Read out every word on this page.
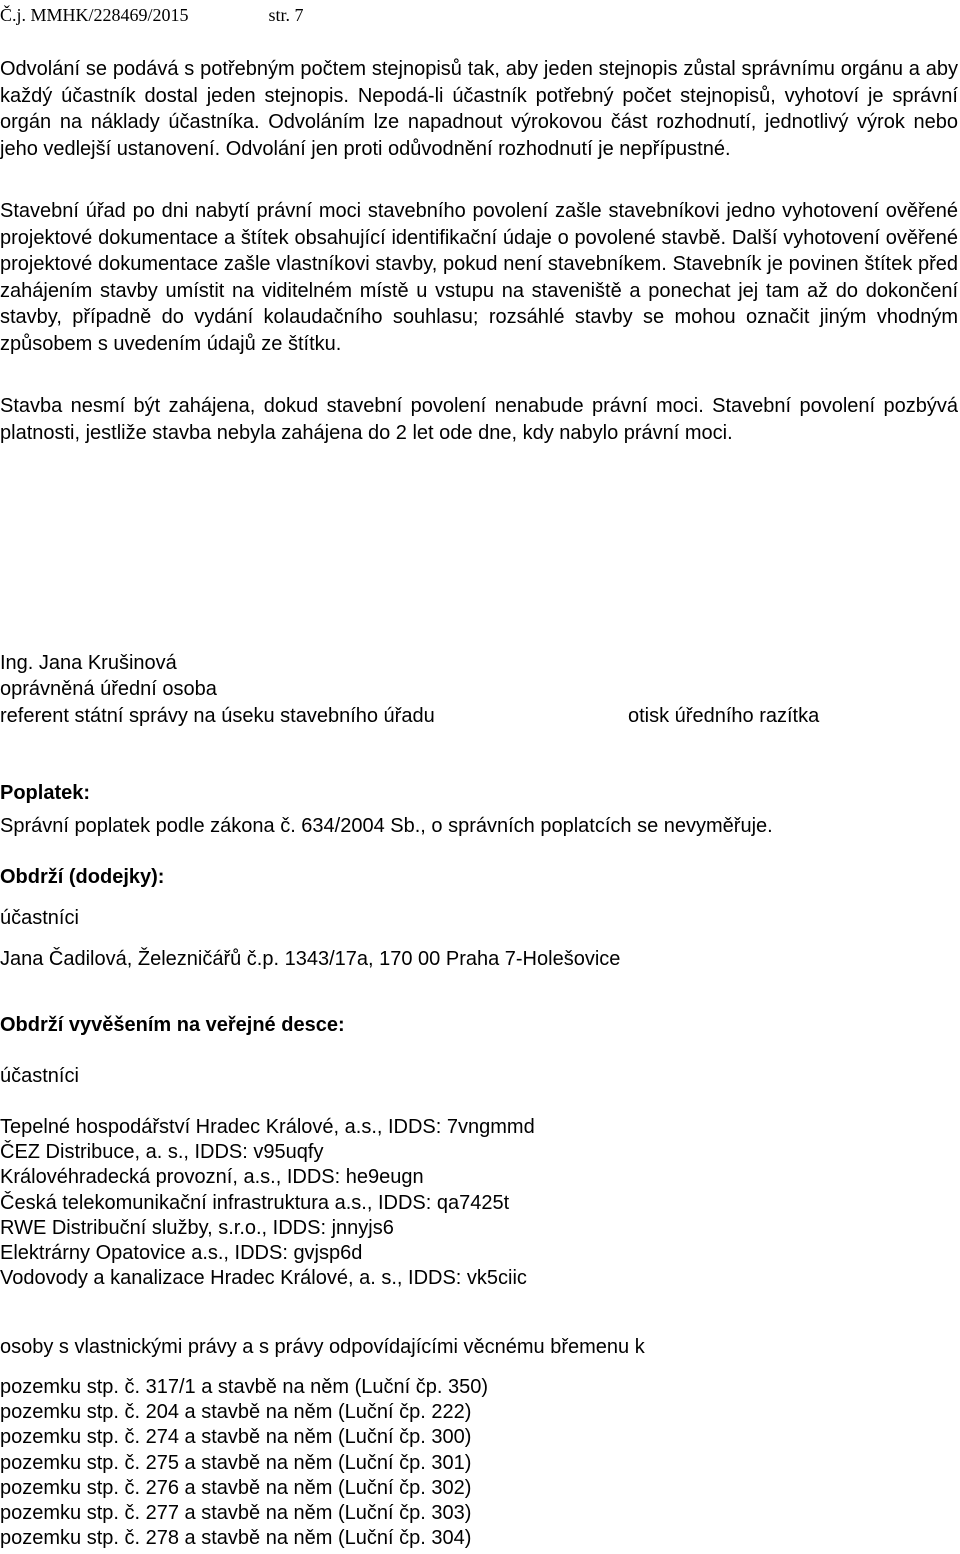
Č.j. MMHK/228469/2015	str. 7
Odvolání se podává s potřebným počtem stejnopisů tak, aby jeden stejnopis zůstal správnímu orgánu a aby každý účastník dostal jeden stejnopis. Nepodá-li účastník potřebný počet stejnopisů, vyhotoví je správní orgán na náklady účastníka. Odvoláním lze napadnout výrokovou část rozhodnutí, jednotlivý výrok nebo jeho vedlejší ustanovení. Odvolání jen proti odůvodnění rozhodnutí je nepřípustné.
Stavební úřad po dni nabytí právní moci stavebního povolení zašle stavebníkovi jedno vyhotovení ověřené projektové dokumentace a štítek obsahující identifikační údaje o povolené stavbě. Další vyhotovení ověřené projektové dokumentace zašle vlastníkovi stavby, pokud není stavebníkem. Stavebník je povinen štítek před zahájením stavby umístit na viditelném místě u vstupu na staveniště a ponechat jej tam až do dokončení stavby, případně do vydání kolaudačního souhlasu; rozsáhlé stavby se mohou označit jiným vhodným způsobem s uvedením údajů ze štítku.
Stavba nesmí být zahájena, dokud stavební povolení nenabude právní moci. Stavební povolení pozbývá platnosti, jestliže stavba nebyla zahájena do 2 let ode dne, kdy nabylo právní moci.
Ing. Jana Krušinová
oprávněná úřední osoba
referent státní správy na úseku stavebního úřadu	otisk úředního razítka
Poplatek:
Správní poplatek podle zákona č. 634/2004 Sb., o správních poplatcích se nevyměřuje.
Obdrží (dodejky):
účastníci
Jana Čadilová, Železničářů č.p. 1343/17a, 170 00 Praha 7-Holešovice
Obdrží vyvěšením na veřejné desce:
účastníci
Tepelné hospodářství Hradec Králové, a.s., IDDS: 7vngmmd
ČEZ Distribuce, a. s., IDDS: v95uqfy
Královéhradecká provozní, a.s., IDDS: he9eugn
Česká telekomunikační infrastruktura a.s., IDDS: qa7425t
RWE Distribuční služby, s.r.o., IDDS: jnnyjs6
Elektrárny Opatovice a.s., IDDS: gvjsp6d
Vodovody a kanalizace Hradec Králové, a. s., IDDS: vk5ciic
osoby s vlastnickými právy a s právy odpovídajícími věcnému břemenu k
pozemku stp. č. 317/1 a stavbě na něm (Luční čp. 350)
pozemku stp. č. 204 a stavbě na něm (Luční čp. 222)
pozemku stp. č. 274 a stavbě na něm (Luční čp. 300)
pozemku stp. č. 275 a stavbě na něm (Luční čp. 301)
pozemku stp. č. 276 a stavbě na něm (Luční čp. 302)
pozemku stp. č. 277 a stavbě na něm (Luční čp. 303)
pozemku stp. č. 278 a stavbě na něm (Luční čp. 304)
